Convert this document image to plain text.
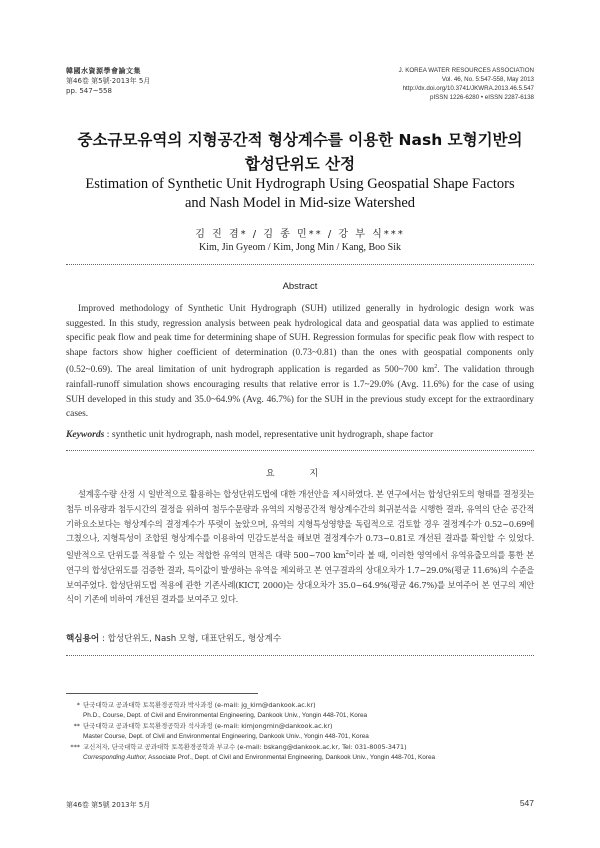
韓國水資源學會論文集
第46卷 第5號·2013年 5月
pp. 547~558
J. KOREA WATER RESOURCES ASSOCIATION
Vol. 46, No. 5:547-558, May 2013
http://dx.doi.org/10.3741/JKWRA.2013.46.5.547
pISSN 1226-6280 • eISSN 2287-6138
중소규모유역의 지형공간적 형상계수를 이용한 Nash 모형기반의
합성단위도 산정
Estimation of Synthetic Unit Hydrograph Using Geospatial Shape Factors
and Nash Model in Mid-size Watershed
김 진 겸* / 김 종 민** / 강 부 식***
Kim, Jin Gyeom / Kim, Jong Min / Kang, Boo Sik
Abstract
Improved methodology of Synthetic Unit Hydrograph (SUH) utilized generally in hydrologic design work was suggested. In this study, regression analysis between peak hydrological data and geospatial data was applied to estimate specific peak flow and peak time for determining shape of SUH. Regression formulas for specific peak flow with respect to shape factors show higher coefficient of determination (0.73~0.81) than the ones with geospatial components only (0.52~0.69). The areal limitation of unit hydrograph application is regarded as 500~700 $km^2$. The validation through rainfall-runoff simulation shows encouraging results that relative error is 1.7~29.0% (Avg. 11.6%) for the case of using SUH developed in this study and 35.0~64.9% (Avg. 46.7%) for the SUH in the previous study except for the extraordinary cases.
Keywords : synthetic unit hydrograph, nash model, representative unit hydrograph, shape factor
요 지
설계홍수량 산정 시 일반적으로 활용하는 합성단위도법에 대한 개선안을 제시하였다. 본 연구에서는 합성단위도의 형태를 결정짓는 첨두 비유량과 첨두시간의 결정을 위하여 첨두수문량과 유역의 지형공간적 형상계수간의 회귀분석을 시행한 결과, 유역의 단순 공간적 기하요소보다는 형상계수의 결정계수가 뚜렷이 높았으며, 유역의 지형특성영향을 독립적으로 검토할 경우 결정계수가 0.52~0.69에 그쳤으나, 지형특성이 조합된 형상계수를 이용하여 민감도분석을 해보면 결정계수가 0.73~0.81로 개선된 결과를 확인할 수 있었다. 일반적으로 단위도를 적용할 수 있는 적합한 유역의 면적은 대략 500~700 $km^2$이라 볼 때, 이러한 영역에서 유역유출모의를 통한 본 연구의 합성단위도를 검증한 결과, 특이값이 발생하는 유역을 제외하고 본 연구결과의 상대오차가 1.7~29.0%(평균 11.6%)의 수준을 보여주었다. 합성단위도법 적용에 관한 기존사례(KICT, 2000)는 상대오차가 35.0~64.9%(평균 46.7%)를 보여주어 본 연구의 제안식이 기존에 비하여 개선된 결과를 보여주고 있다.
핵심용어 : 합성단위도, Nash 모형, 대표단위도, 형상계수
* 단국대학교 공과대학 토목환경공학과 박사과정 (e-mail: jg_kim@dankook.ac.kr)
Ph.D., Course, Dept. of Civil and Environmental Engineering, Dankook Univ., Yongin 448-701, Korea
** 단국대학교 공과대학 토목환경공학과 석사과정 (e-mail: kimjongmin@dankook.ac.kr)
Master Course, Dept. of Civil and Environmental Engineering, Dankook Univ., Yongin 448-701, Korea
*** 교신저자, 단국대학교 공과대학 토목환경공학과 부교수 (e-mail: bskang@dankook.ac.kr, Tel: 031-8005-3471)
Corresponding Author, Associate Prof., Dept. of Civil and Environmental Engineering, Dankook Univ., Yongin 448-701, Korea
第46卷 第5號 2013年 5月	547
